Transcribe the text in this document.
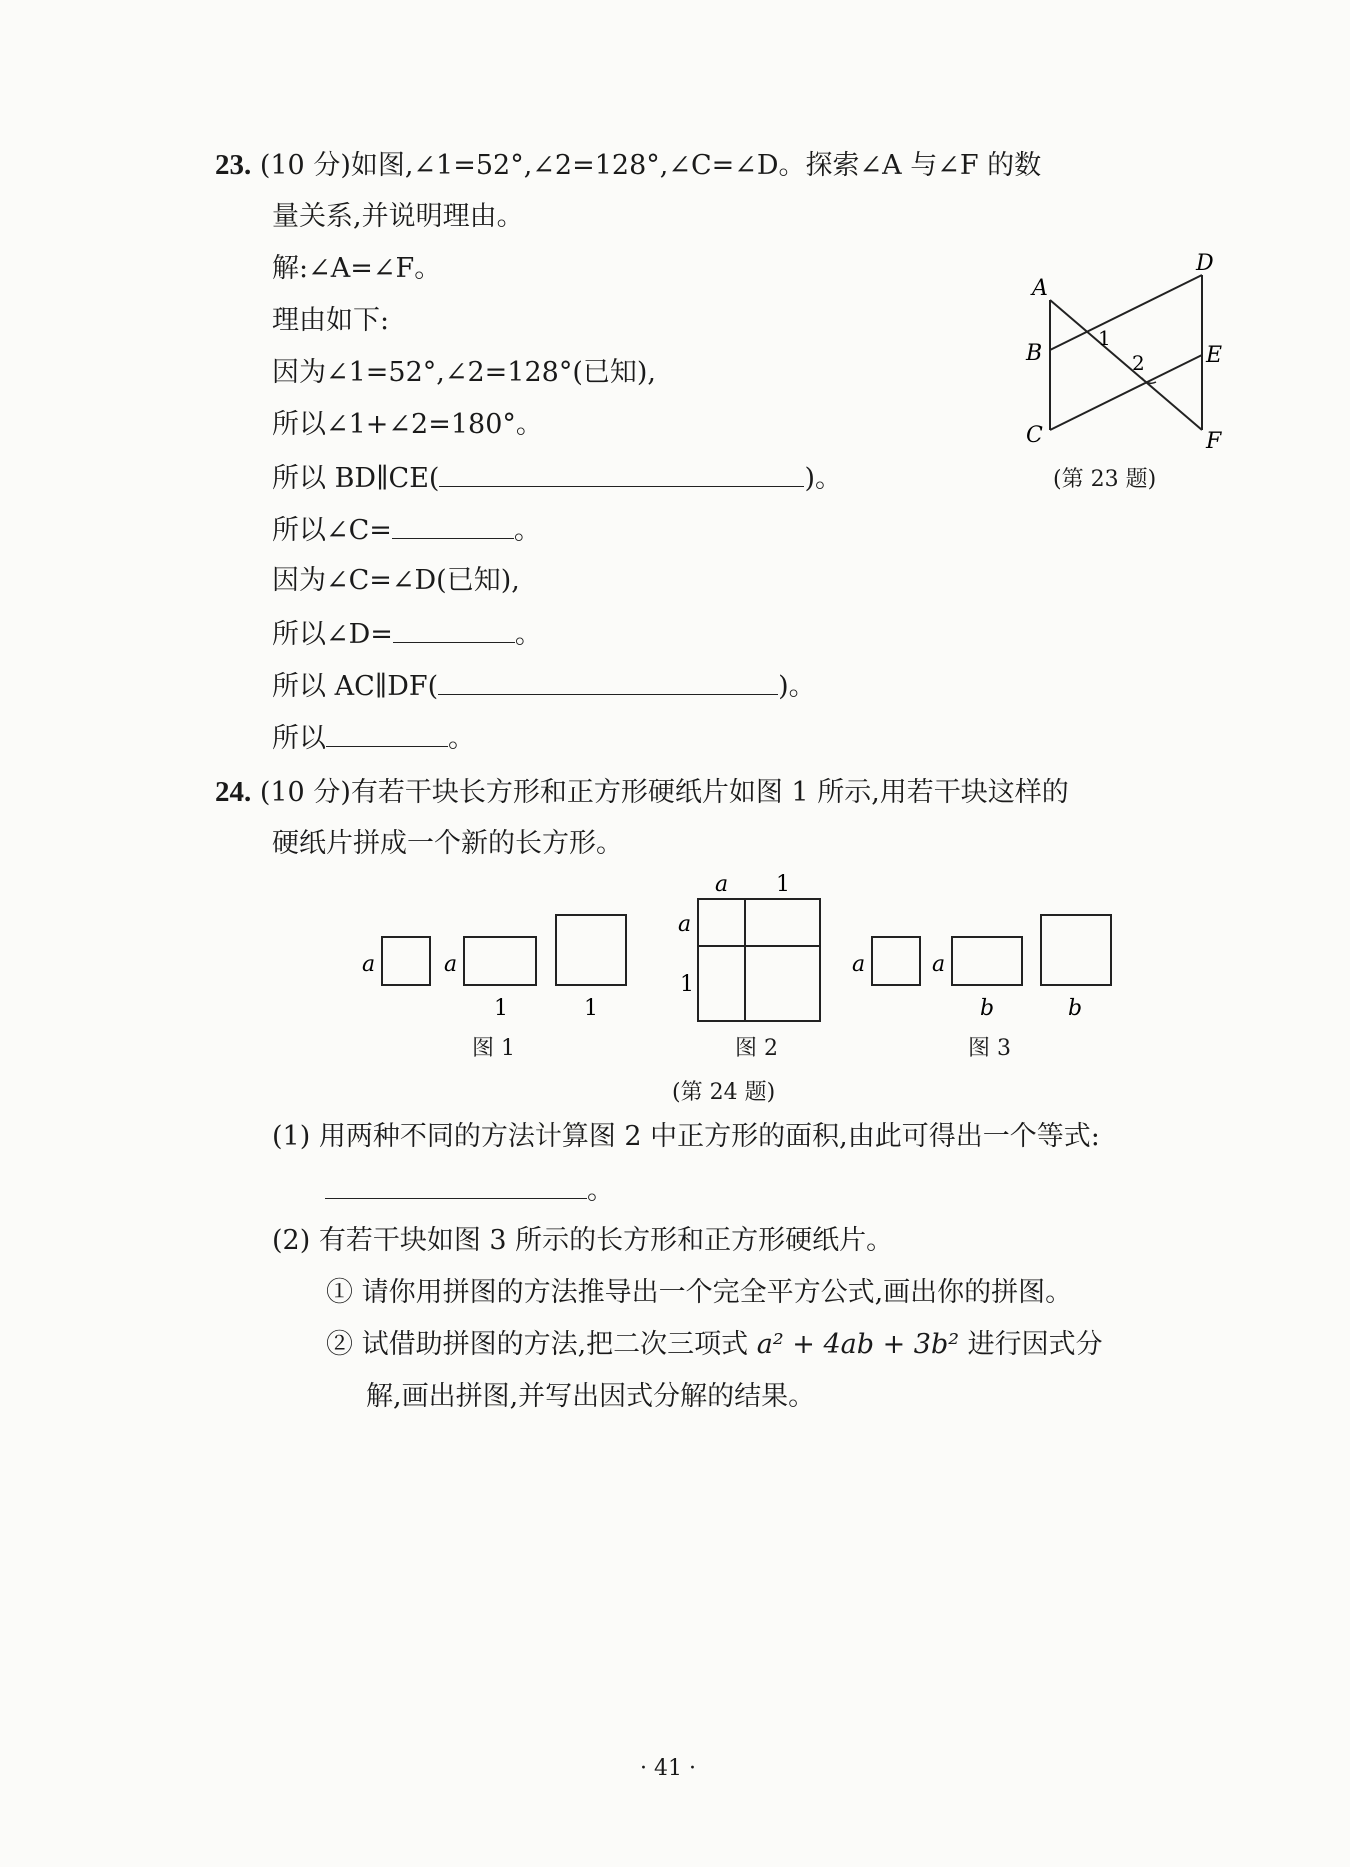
23. (10 分)如图,∠1=52°,∠2=128°,∠C=∠D。探索∠A 与∠F 的数
量关系,并说明理由。
解:∠A=∠F。
理由如下:
因为∠1=52°,∠2=128°(已知),
所以∠1+∠2=180°。
所以 BD∥CE(	)。
所以∠C=	。
因为∠C=∠D(已知),
所以∠D=	。
所以 AC∥DF(	)。
所以	。
A
B
C
D
E
F
1
2
(第 23 题)
24. (10 分)有若干块长方形和正方形硬纸片如图 1 所示,用若干块这样的
硬纸片拼成一个新的长方形。
a	a
1	1
图 1
a 1
a
1
图 2
a	a
b	b
图 3
(第 24 题)
(1) 用两种不同的方法计算图 2 中正方形的面积,由此可得出一个等式:
。
(2) 有若干块如图 3 所示的长方形和正方形硬纸片。
① 请你用拼图的方法推导出一个完全平方公式,画出你的拼图。
② 试借助拼图的方法,把二次三项式 a² + 4ab + 3b² 进行因式分
解,画出拼图,并写出因式分解的结果。
· 41 ·
